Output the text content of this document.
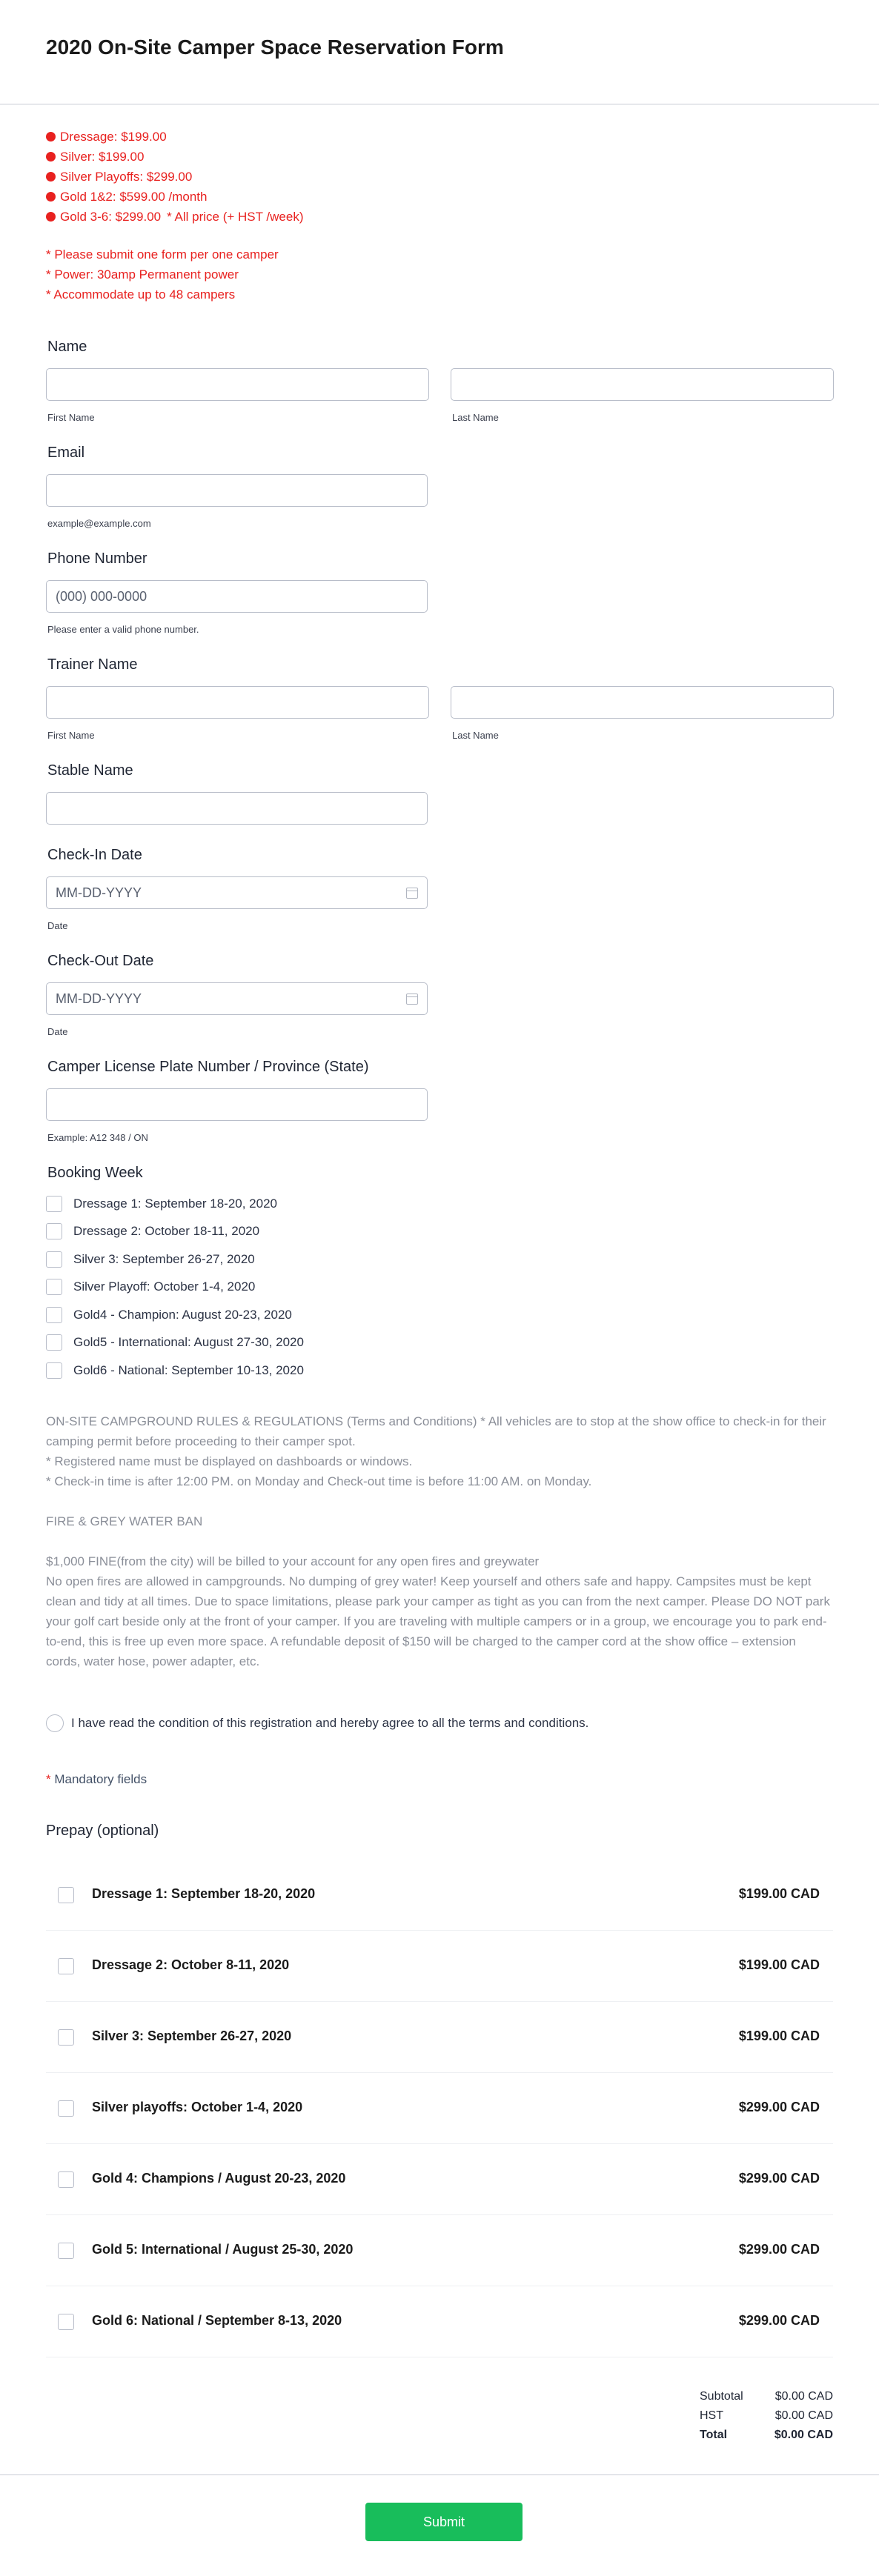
2020 On-Site Camper Space Reservation Form
Dressage: $199.00
Silver: $199.00
Silver Playoffs: $299.00
Gold 1&2: $599.00 /month
Gold 3-6: $299.00 * All price (+ HST /week)
* Please submit one form per one camper
* Power: 30amp Permanent power
* Accommodate up to 48 campers
Name
First Name	Last Name
Email
example@example.com
Phone Number
(000) 000-0000
Please enter a valid phone number.
Trainer Name
First Name	Last Name
Stable Name
Check-In Date
MM-DD-YYYY
Date
Check-Out Date
MM-DD-YYYY
Date
Camper License Plate Number / Province (State)
Example: A12 348 / ON
Booking Week
Dressage 1: September 18-20, 2020
Dressage 2: October 18-11, 2020
Silver 3: September 26-27, 2020
Silver Playoff: October 1-4, 2020
Gold4 - Champion: August 20-23, 2020
Gold5 - International: August 27-30, 2020
Gold6 - National: September 10-13, 2020
ON-SITE CAMPGROUND RULES & REGULATIONS (Terms and Conditions) * All vehicles are to stop at the show office to check-in for their camping permit before proceeding to their camper spot.
* Registered name must be displayed on dashboards or windows.
* Check-in time is after 12:00 PM. on Monday and Check-out time is before 11:00 AM. on Monday.
FIRE & GREY WATER BAN
$1,000 FINE(from the city) will be billed to your account for any open fires and greywater
No open fires are allowed in campgrounds. No dumping of grey water! Keep yourself and others safe and happy. Campsites must be kept clean and tidy at all times. Due to space limitations, please park your camper as tight as you can from the next camper. Please DO NOT park your golf cart beside only at the front of your camper. If you are traveling with multiple campers or in a group, we encourage you to park end-to-end, this is free up even more space. A refundable deposit of $150 will be charged to the camper cord at the show office – extension cords, water hose, power adapter, etc.
I have read the condition of this registration and hereby agree to all the terms and conditions.
* Mandatory fields
Prepay (optional)
Dressage 1: September 18-20, 2020	$199.00 CAD
Dressage 2: October 8-11, 2020	$199.00 CAD
Silver 3: September 26-27, 2020	$199.00 CAD
Silver playoffs: October 1-4, 2020	$299.00 CAD
Gold 4: Champions / August 20-23, 2020	$299.00 CAD
Gold 5: International / August 25-30, 2020	$299.00 CAD
Gold 6: National / September 8-13, 2020	$299.00 CAD
Subtotal	$0.00 CAD
HST	$0.00 CAD
Total	$0.00 CAD
Submit
